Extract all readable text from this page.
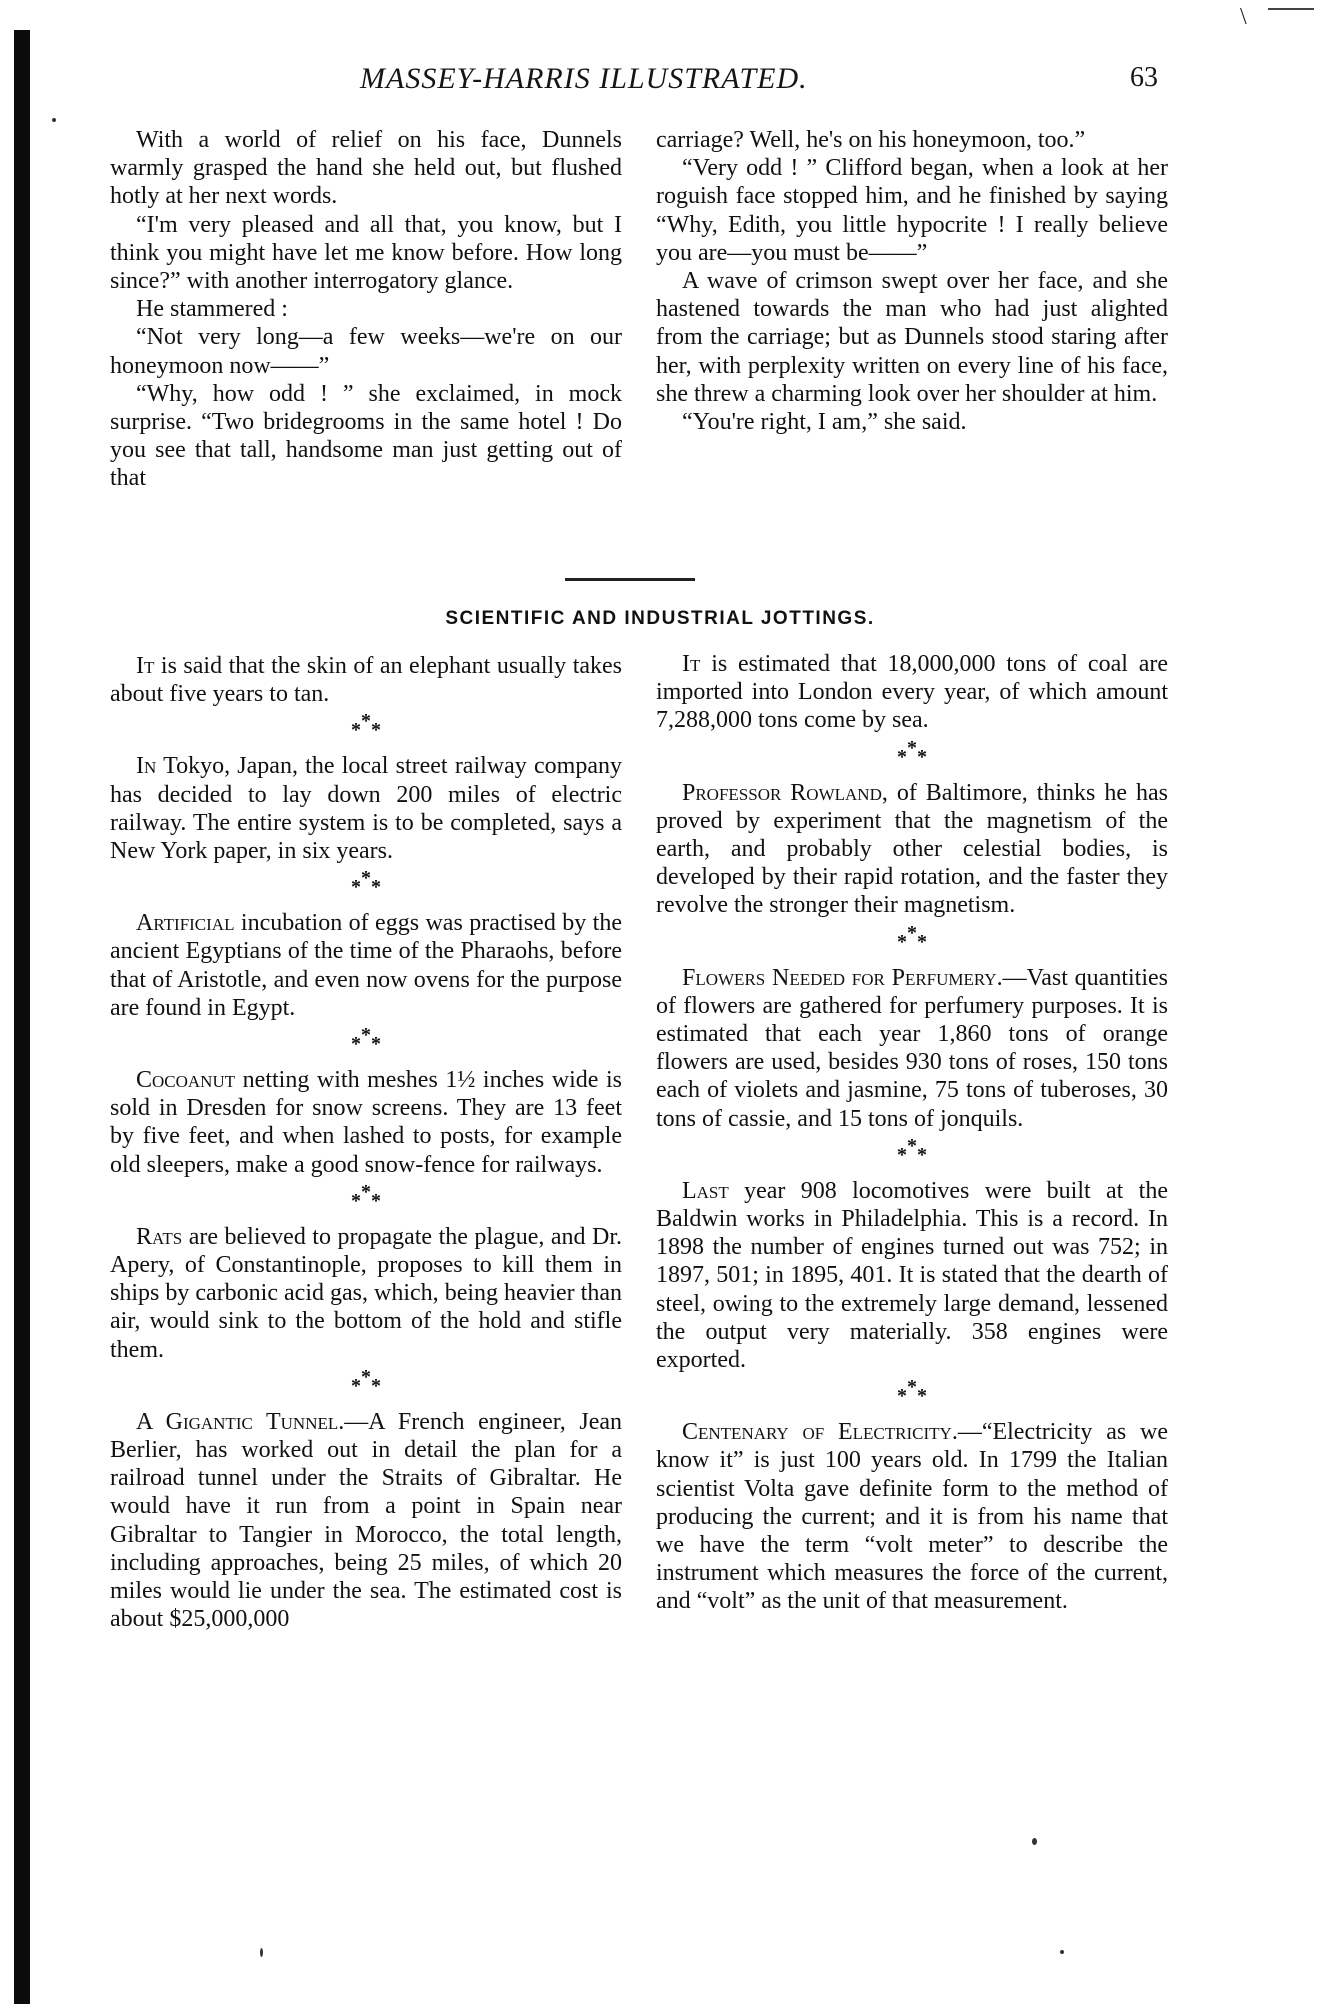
\
MASSEY-HARRIS ILLUSTRATED.	63

With a world of relief on his face, Dunnels warmly grasped the hand she held out, but flushed hotly at her next words.

“I'm very pleased and all that, you know, but I think you might have let me know before. How long since?” with another interrogatory glance.

He stammered :

“Not very long—a few weeks—we're on our honeymoon now——”

“Why, how odd ! ” she exclaimed, in mock surprise. “Two bridegrooms in the same hotel ! Do you see that tall, handsome man just getting out of that

carriage? Well, he's on his honeymoon, too.”

“Very odd ! ” Clifford began, when a look at her roguish face stopped him, and he finished by saying “Why, Edith, you little hypocrite ! I really believe you are—you must be——”

A wave of crimson swept over her face, and she hastened towards the man who had just alighted from the carriage; but as Dunnels stood staring after her, with perplexity written on every line of his face, she threw a charming look over her shoulder at him.

“You're right, I am,” she said.

SCIENTIFIC AND INDUSTRIAL JOTTINGS.

It is said that the skin of an elephant usually takes about five years to tan.

***

In Tokyo, Japan, the local street railway company has decided to lay down 200 miles of electric railway. The entire system is to be completed, says a New York paper, in six years.

***

Artificial incubation of eggs was practised by the ancient Egyptians of the time of the Pharaohs, before that of Aristotle, and even now ovens for the purpose are found in Egypt.

***

Cocoanut netting with meshes 1½ inches wide is sold in Dresden for snow screens. They are 13 feet by five feet, and when lashed to posts, for example old sleepers, make a good snow-fence for railways.

***

Rats are believed to propagate the plague, and Dr. Apery, of Constantinople, proposes to kill them in ships by carbonic acid gas, which, being heavier than air, would sink to the bottom of the hold and stifle them.

***

A Gigantic Tunnel.—A French engineer, Jean Berlier, has worked out in detail the plan for a railroad tunnel under the Straits of Gibraltar. He would have it run from a point in Spain near Gibraltar to Tangier in Morocco, the total length, including approaches, being 25 miles, of which 20 miles would lie under the sea. The estimated cost is about $25,000,000

It is estimated that 18,000,000 tons of coal are imported into London every year, of which amount 7,288,000 tons come by sea.

***

Professor Rowland, of Baltimore, thinks he has proved by experiment that the magnetism of the earth, and probably other celestial bodies, is developed by their rapid rotation, and the faster they revolve the stronger their magnetism.

***

Flowers Needed for Perfumery.—Vast quantities of flowers are gathered for perfumery purposes. It is estimated that each year 1,860 tons of orange flowers are used, besides 930 tons of roses, 150 tons each of violets and jasmine, 75 tons of tuberoses, 30 tons of cassie, and 15 tons of jonquils.

***

Last year 908 locomotives were built at the Baldwin works in Philadelphia. This is a record. In 1898 the number of engines turned out was 752; in 1897, 501; in 1895, 401. It is stated that the dearth of steel, owing to the extremely large demand, lessened the output very materially. 358 engines were exported.

***

Centenary of Electricity.—“Electricity as we know it” is just 100 years old. In 1799 the Italian scientist Volta gave definite form to the method of producing the current; and it is from his name that we have the term “volt meter” to describe the instrument which measures the force of the current, and “volt” as the unit of that measurement.
